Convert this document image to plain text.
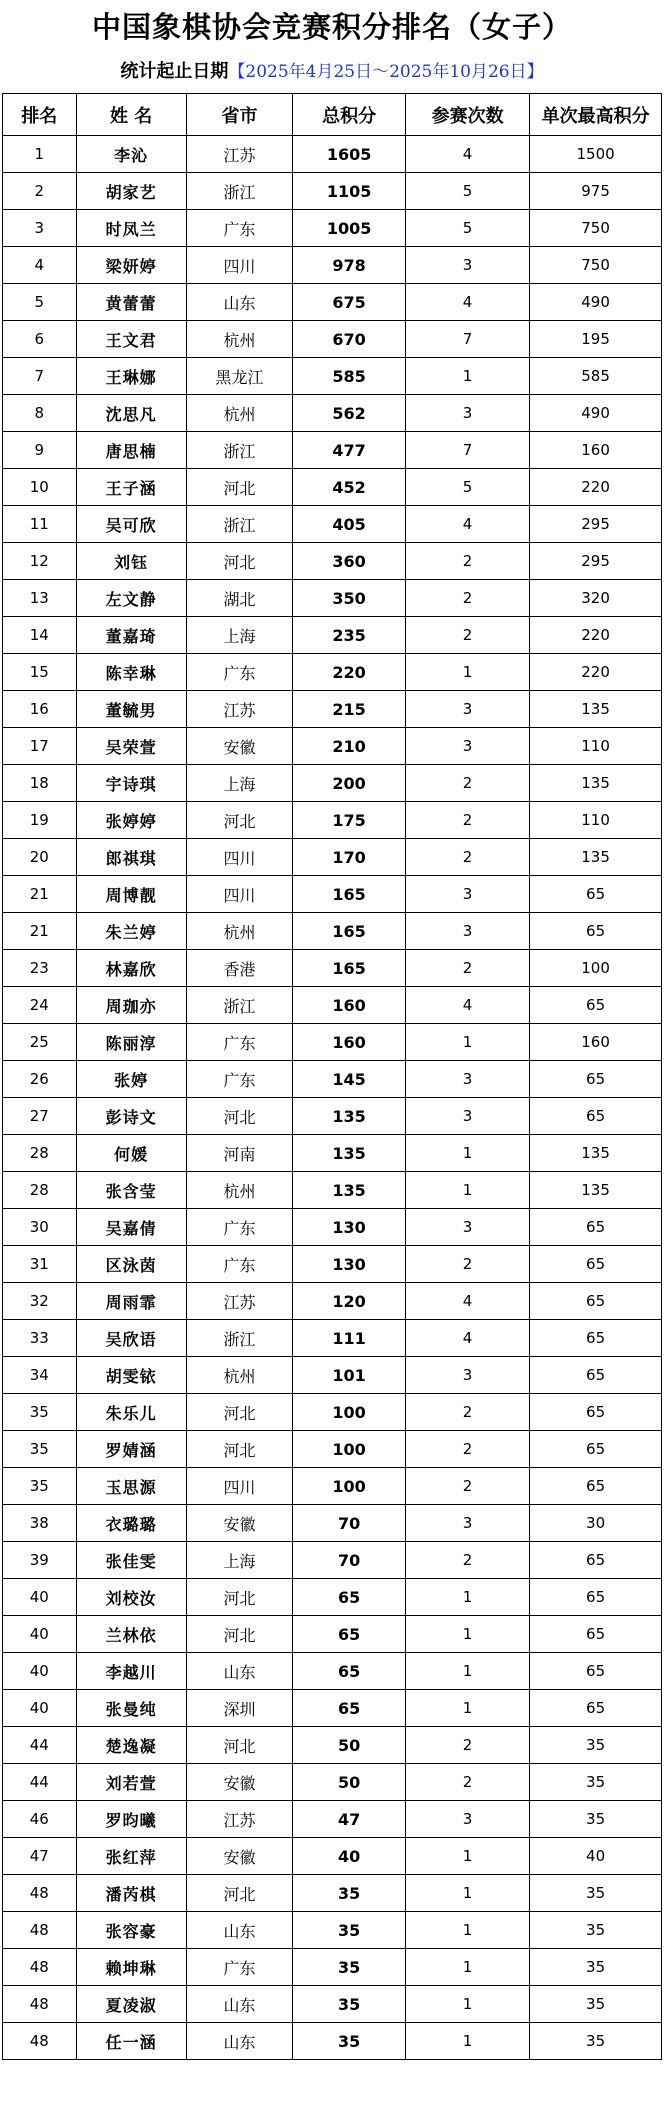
中国象棋协会竞赛积分排名（女子）
统计起止日期【2025年4月25日～2025年10月26日】
排名	姓 名	省市	总积分	参赛次数	单次最高积分
1	李沁	江苏	1605	4	1500
2	胡家艺	浙江	1105	5	975
3	时凤兰	广东	1005	5	750
4	梁妍婷	四川	978	3	750
5	黄蕾蕾	山东	675	4	490
6	王文君	杭州	670	7	195
7	王琳娜	黑龙江	585	1	585
8	沈思凡	杭州	562	3	490
9	唐思楠	浙江	477	7	160
10	王子涵	河北	452	5	220
11	吴可欣	浙江	405	4	295
12	刘钰	河北	360	2	295
13	左文静	湖北	350	2	320
14	董嘉琦	上海	235	2	220
15	陈幸琳	广东	220	1	220
16	董毓男	江苏	215	3	135
17	吴荣萱	安徽	210	3	110
18	宇诗琪	上海	200	2	135
19	张婷婷	河北	175	2	110
20	郎祺琪	四川	170	2	135
21	周博靓	四川	165	3	65
21	朱兰婷	杭州	165	3	65
23	林嘉欣	香港	165	2	100
24	周珈亦	浙江	160	4	65
25	陈丽淳	广东	160	1	160
26	张婷	广东	145	3	65
27	彭诗文	河北	135	3	65
28	何媛	河南	135	1	135
28	张含莹	杭州	135	1	135
30	吴嘉倩	广东	130	3	65
31	区泳茵	广东	130	2	65
32	周雨霏	江苏	120	4	65
33	吴欣语	浙江	111	4	65
34	胡雯铱	杭州	101	3	65
35	朱乐儿	河北	100	2	65
35	罗婧涵	河北	100	2	65
35	玉思源	四川	100	2	65
38	衣璐璐	安徽	70	3	30
39	张佳雯	上海	70	2	65
40	刘校汝	河北	65	1	65
40	兰林依	河北	65	1	65
40	李越川	山东	65	1	65
40	张曼纯	深圳	65	1	65
44	楚逸凝	河北	50	2	35
44	刘若萱	安徽	50	2	35
46	罗昀曦	江苏	47	3	35
47	张红萍	安徽	40	1	40
48	潘芮棋	河北	35	1	35
48	张容豪	山东	35	1	35
48	赖坤琳	广东	35	1	35
48	夏凌淑	山东	35	1	35
48	任一涵	山东	35	1	35
